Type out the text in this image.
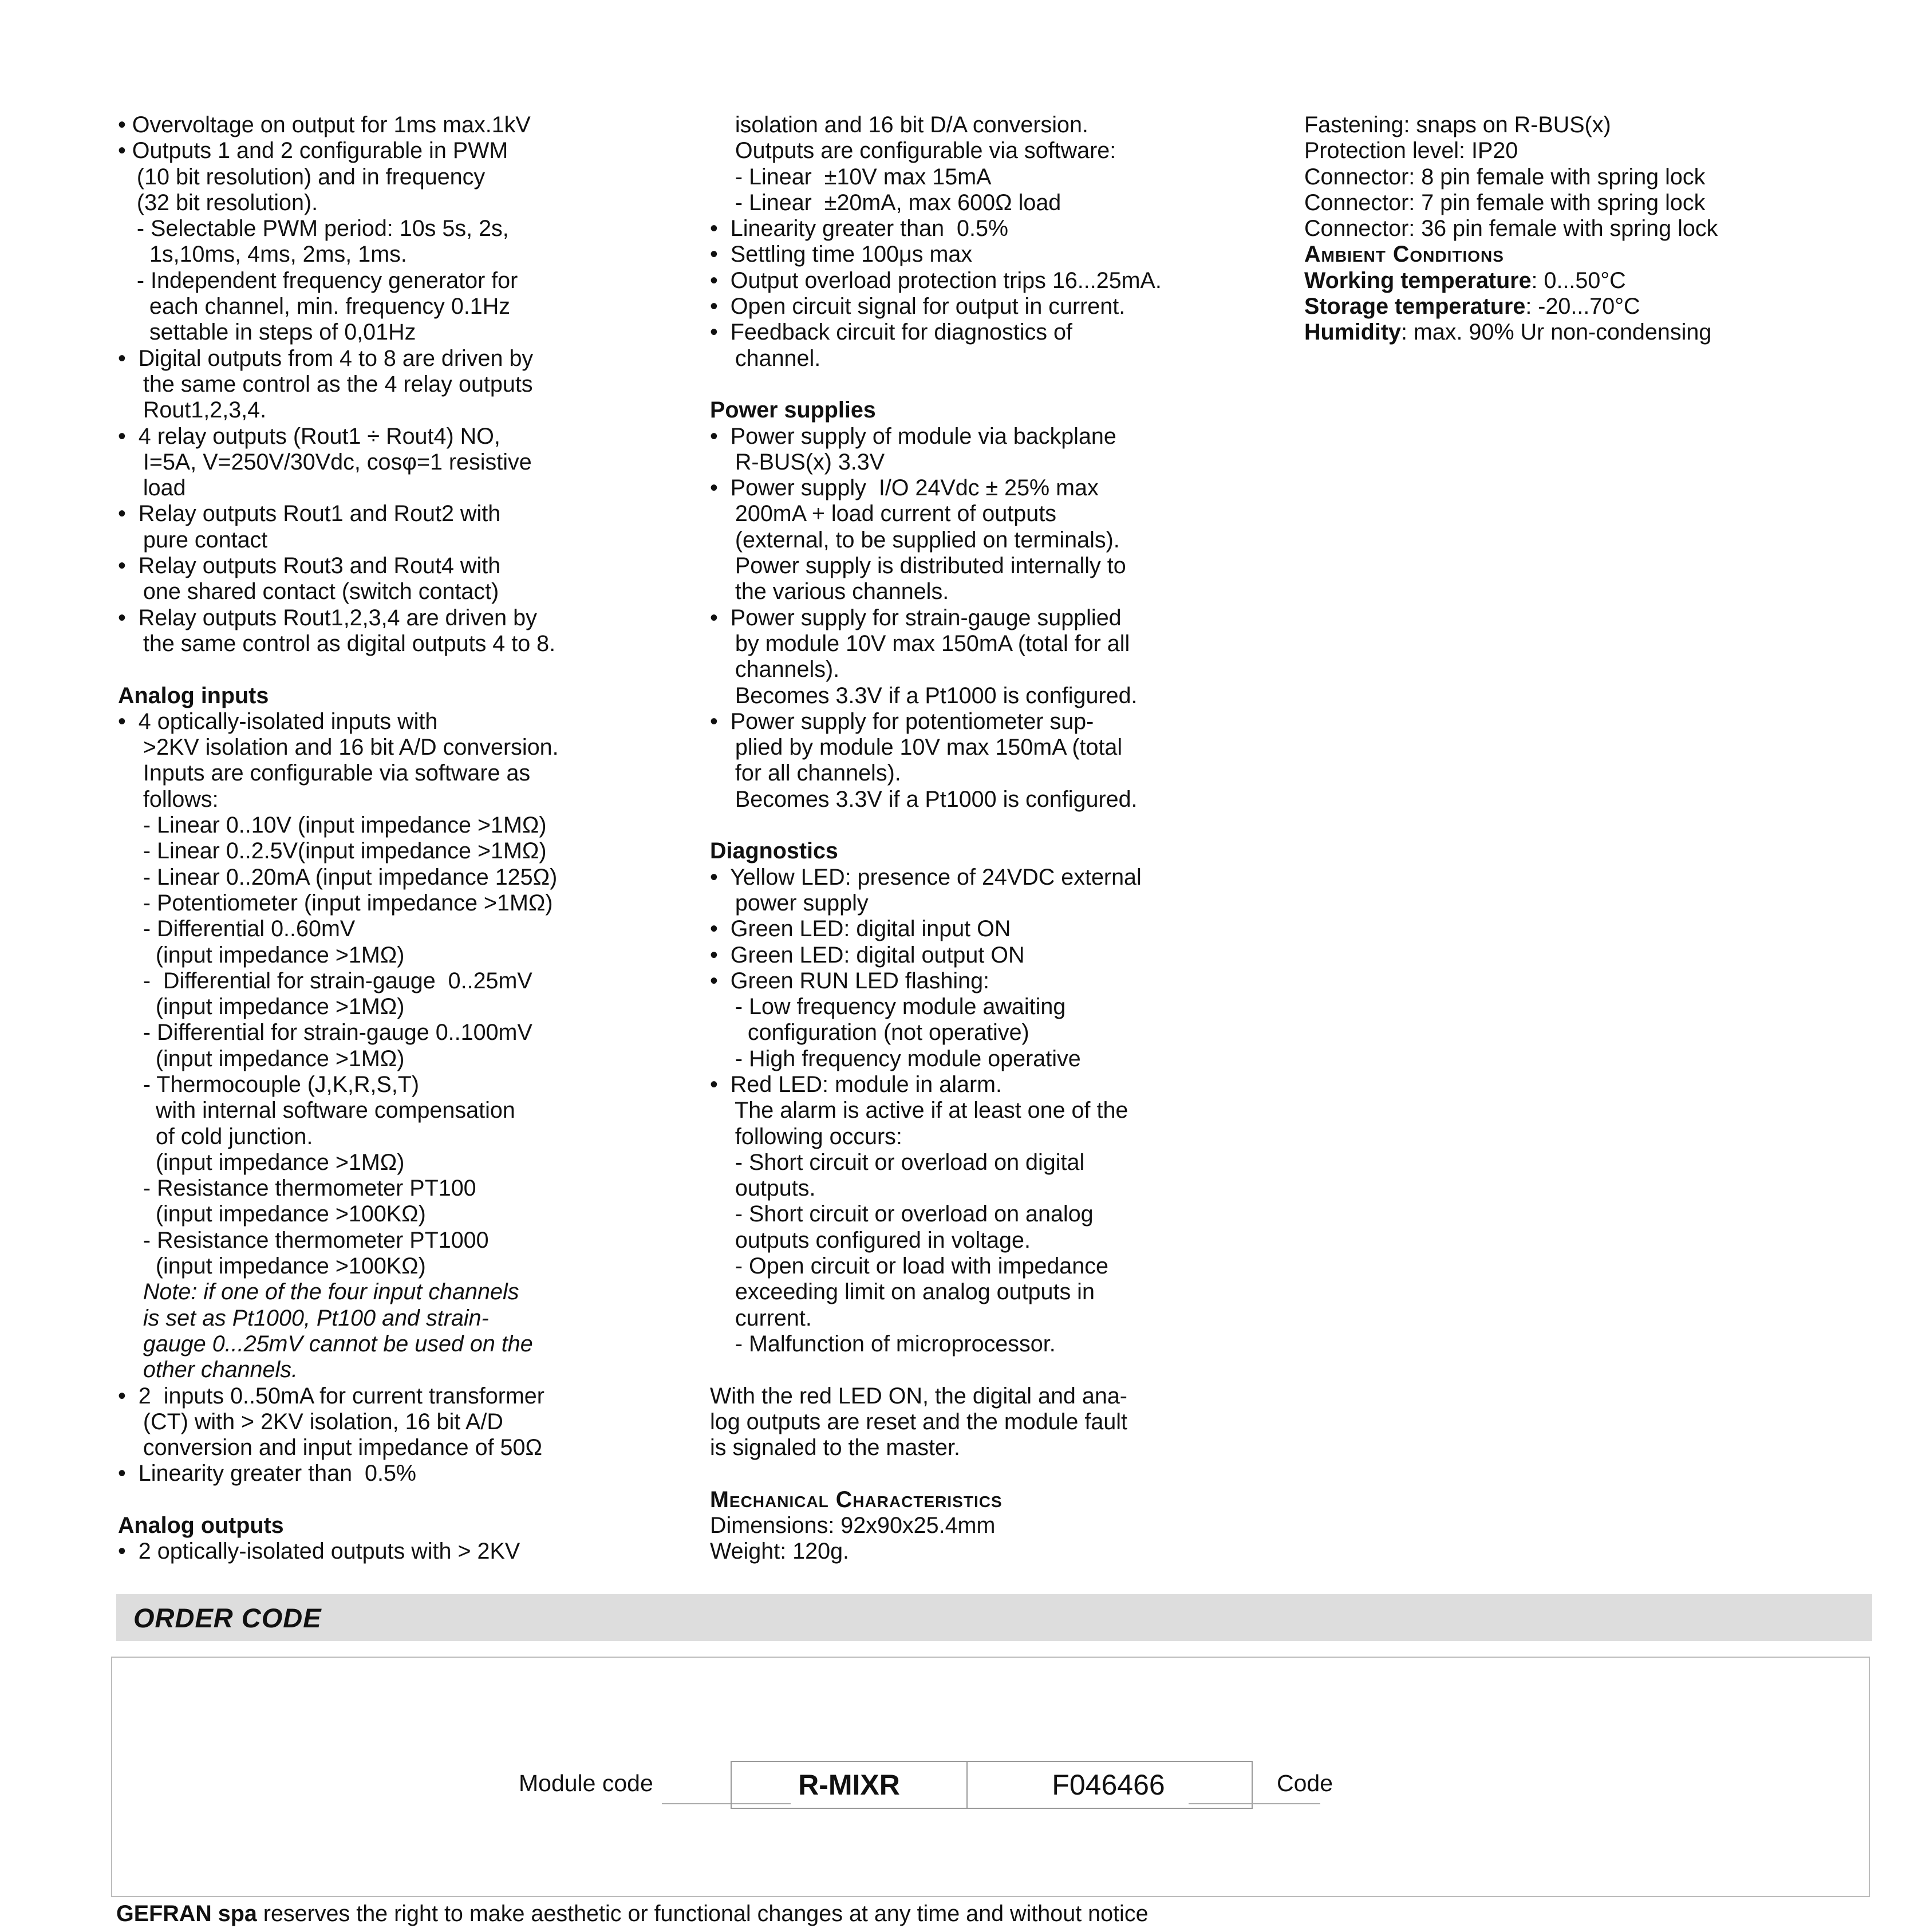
• Overvoltage on output for 1ms max.1kV
• Outputs 1 and 2 configurable in PWM
(10 bit resolution) and in frequency
(32 bit resolution).
- Selectable PWM period: 10s 5s, 2s,
1s,10ms, 4ms, 2ms, 1ms.
- Independent frequency generator for
each channel, min. frequency 0.1Hz
settable in steps of 0,01Hz
•  Digital outputs from 4 to 8 are driven by
the same control as the 4 relay outputs
Rout1,2,3,4.
•  4 relay outputs (Rout1 ÷ Rout4) NO,
I=5A, V=250V/30Vdc, cosφ=1 resistive
load
•  Relay outputs Rout1 and Rout2 with
pure contact
•  Relay outputs Rout3 and Rout4 with
one shared contact (switch contact)
•  Relay outputs Rout1,2,3,4 are driven by
the same control as digital outputs 4 to 8.
Analog inputs
•  4 optically-isolated inputs with
>2KV isolation and 16 bit A/D conversion.
Inputs are configurable via software as
follows:
- Linear 0..10V (input impedance >1MΩ)
- Linear 0..2.5V(input impedance >1MΩ)
- Linear 0..20mA (input impedance 125Ω)
- Potentiometer (input impedance >1MΩ)
- Differential 0..60mV
(input impedance >1MΩ)
-  Differential for strain-gauge  0..25mV
(input impedance >1MΩ)
- Differential for strain-gauge 0..100mV
(input impedance >1MΩ)
- Thermocouple (J,K,R,S,T)
with internal software compensation
of cold junction.
(input impedance >1MΩ)
- Resistance thermometer PT100
(input impedance >100KΩ)
- Resistance thermometer PT1000
(input impedance >100KΩ)
Note: if one of the four input channels
is set as Pt1000, Pt100 and strain-
gauge 0...25mV cannot be used on the
other channels.
•  2  inputs 0..50mA for current transformer
(CT) with > 2KV isolation, 16 bit A/D
conversion and input impedance of 50Ω
•  Linearity greater than  0.5%
Analog outputs
•  2 optically-isolated outputs with > 2KV
isolation and 16 bit D/A conversion.
Outputs are configurable via software:
- Linear  ±10V max 15mA
- Linear  ±20mA, max 600Ω load
•  Linearity greater than  0.5%
•  Settling time 100μs max
•  Output overload protection trips 16...25mA.
•  Open circuit signal for output in current.
•  Feedback circuit for diagnostics of
channel.
Power supplies
•  Power supply of module via backplane
R-BUS(x) 3.3V
•  Power supply  I/O 24Vdc ± 25% max
200mA + load current of outputs
(external, to be supplied on terminals).
Power supply is distributed internally to
the various channels.
•  Power supply for strain-gauge supplied
by module 10V max 150mA (total for all
channels).
Becomes 3.3V if a Pt1000 is configured.
•  Power supply for potentiometer sup-
plied by module 10V max 150mA (total
for all channels).
Becomes 3.3V if a Pt1000 is configured.
Diagnostics
•  Yellow LED: presence of 24VDC external
power supply
•  Green LED: digital input ON
•  Green LED: digital output ON
•  Green RUN LED flashing:
- Low frequency module awaiting
configuration (not operative)
- High frequency module operative
•  Red LED: module in alarm.
The alarm is active if at least one of the
following occurs:
- Short circuit or overload on digital
outputs.
- Short circuit or overload on analog
outputs configured in voltage.
- Open circuit or load with impedance
exceeding limit on analog outputs in
current.
- Malfunction of microprocessor.
With the red LED ON, the digital and ana-
log outputs are reset and the module fault
is signaled to the master.
Mechanical Characteristics
Dimensions: 92x90x25.4mm
Weight: 120g.
Fastening: snaps on R-BUS(x)
Protection level: IP20
Connector: 8 pin female with spring lock
Connector: 7 pin female with spring lock
Connector: 36 pin female with spring lock
Ambient Conditions
Working temperature: 0...50°C
Storage temperature: -20...70°C
Humidity: max. 90% Ur non-condensing
ORDER CODE
Module code	R-MIXR	F046466	Code
GEFRAN spa reserves the right to make aesthetic or functional changes at any time and without notice
